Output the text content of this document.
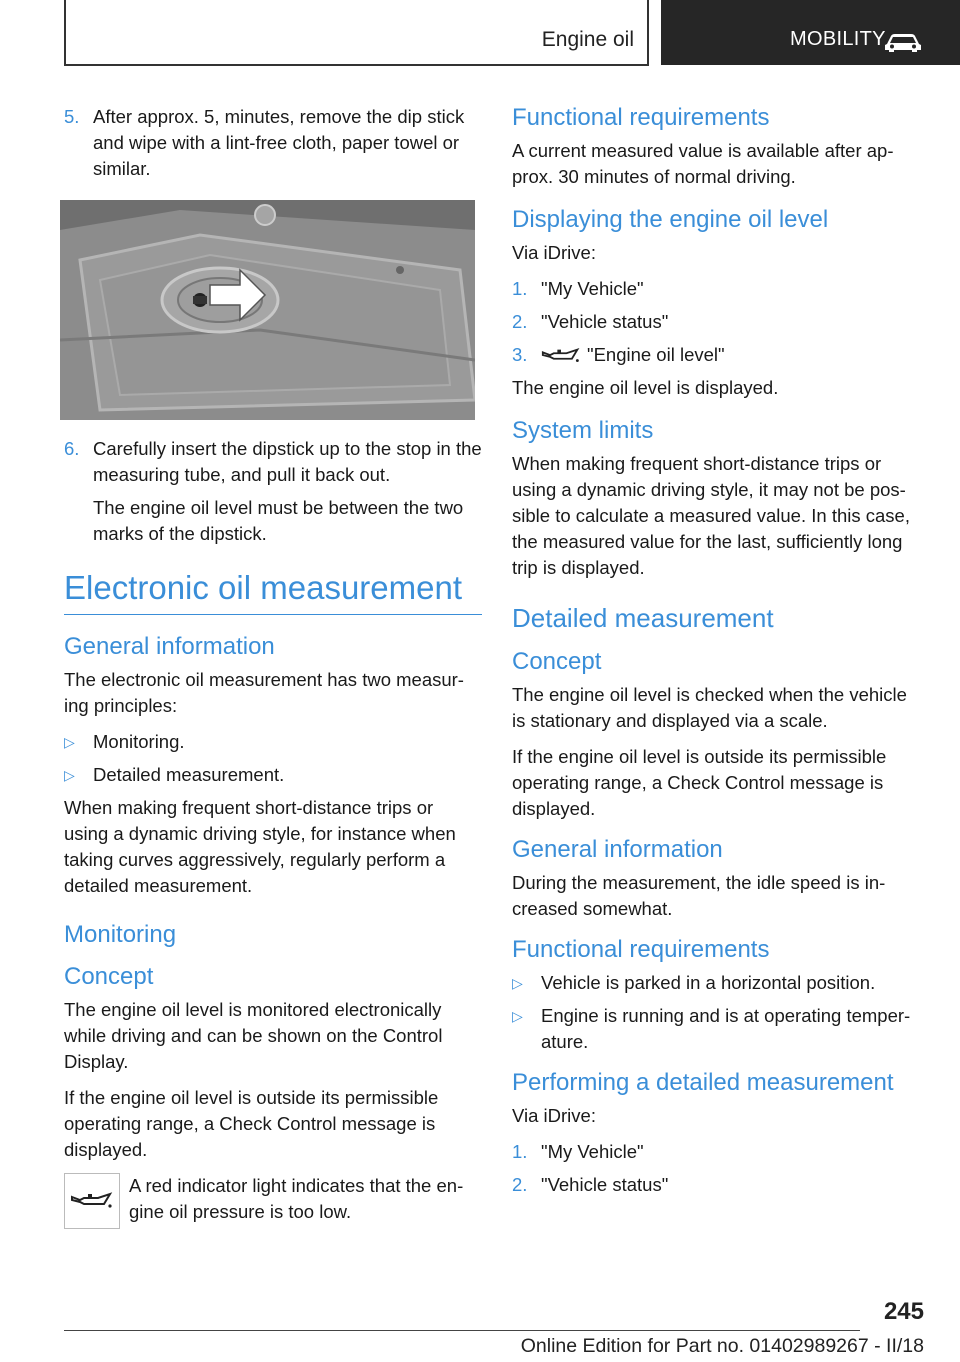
Engine oil	MOBILITY
5. After approx. 5, minutes, remove the dip stick and wipe with a lint-free cloth, paper towel or similar.
6. Carefully insert the dipstick up to the stop in the measuring tube, and pull it back out.
The engine oil level must be between the two marks of the dipstick.
Electronic oil measurement
General information

The electronic oil measurement has two measur-ing principles:

▷ Monitoring.
▷ Detailed measurement.

When making frequent short-distance trips or using a dynamic driving style, for instance when taking curves aggressively, regularly perform a detailed measurement.

Monitoring
Concept

The engine oil level is monitored electronically while driving and can be shown on the Control Display.

If the engine oil level is outside its permissible operating range, a Check Control message is displayed.

A red indicator light indicates that the en-gine oil pressure is too low.
Functional requirements

A current measured value is available after ap-prox. 30 minutes of normal driving.

Displaying the engine oil level

Via iDrive:

1. "My Vehicle"
2. "Vehicle status"
3.	"Engine oil level"

The engine oil level is displayed.

System limits

When making frequent short-distance trips or using a dynamic driving style, it may not be pos-sible to calculate a measured value. In this case, the measured value for the last, sufficiently long trip is displayed.

Detailed measurement
Concept

The engine oil level is checked when the vehicle is stationary and displayed via a scale.

If the engine oil level is outside its permissible operating range, a Check Control message is displayed.

General information

During the measurement, the idle speed is in-creased somewhat.

Functional requirements
▷ Vehicle is parked in a horizontal position.
▷ Engine is running and is at operating temper-ature.
Performing a detailed measurement

Via iDrive:

1. "My Vehicle"
2. "Vehicle status"
245
Online Edition for Part no. 01402989267 - II/18
